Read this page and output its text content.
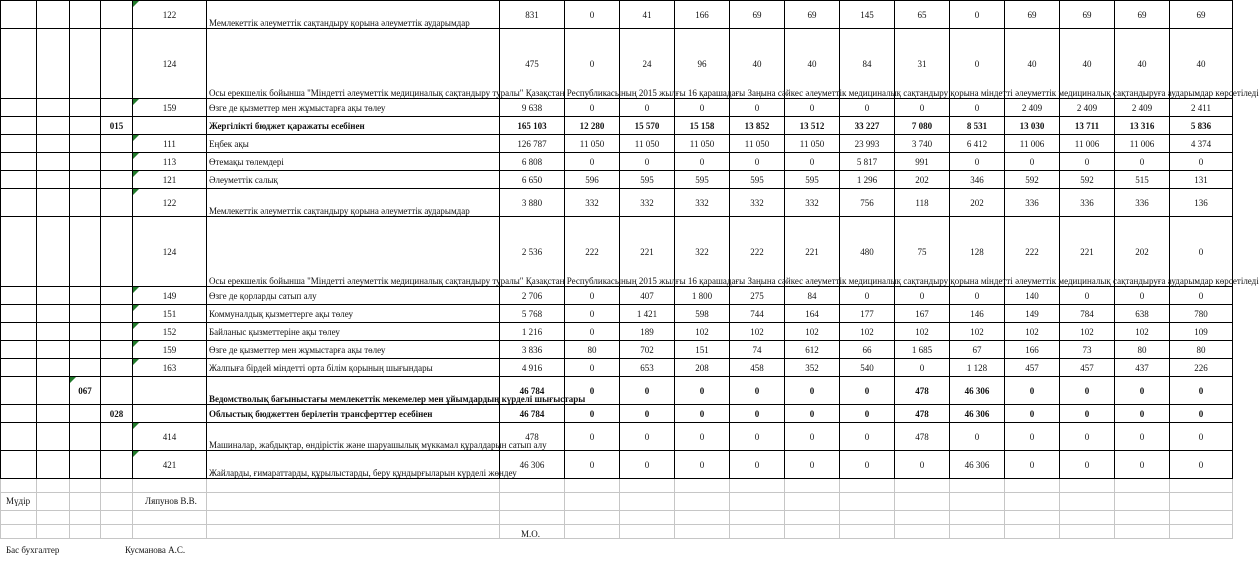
122	Мемлекеттік әлеуметтік сақтандыру қорына әлеуметтік аударымдар	831	0	41	166	69	69	145	65	0	69	69	69	69
				124	Осы ерекшелік бойынша "Міндетті әлеуметтік медициналық сақтандыру туралы" Қазақстан Республикасының 2015 жылғы 16 қарашадағы Заңына сәйкес әлеуметтік медициналық сақтандыру қорына міндетті әлеуметтік медициналық сақтандыруға аударымдар көрсетіледі	475	0	24	96	40	40	84	31	0	40	40	40	40

159	Өзге де қызметтер мен жұмыстарға ақы төлеу	9 638	0	0	0	0	0	0	0	0	2 409	2 409	2 409	2 411
			015		Жергілікті бюджет қаражаты есебінен	165 103	12 280	15 570	15 158	13 852	13 512	33 227	7 080	8 531	13 030	13 711	13 316	5 836

111	Еңбек ақы	126 787	11 050	11 050	11 050	11 050	11 050	23 993	3 740	6 412	11 006	11 006	11 006	4 374

113	Өтемақы төлемдері	6 808	0	0	0	0	0	5 817	991	0	0	0	0	0

121	Әлеуметтік салық	6 650	596	595	595	595	595	1 296	202	346	592	592	515	131

122	Мемлекеттік әлеуметтік сақтандыру қорына әлеуметтік аударымдар	3 880	332	332	332	332	332	756	118	202	336	336	336	136
				124	Осы ерекшелік бойынша "Міндетті әлеуметтік медициналық сақтандыру туралы" Қазақстан Республикасының 2015 жылғы 16 қарашадағы Заңына сәйкес әлеуметтік медициналық сақтандыру қорына міндетті әлеуметтік медициналық сақтандыруға аударымдар көрсетіледі	2 536	222	221	322	222	221	480	75	128	222	221	202	0

149	Өзге де қорларды сатып алу	2 706	0	407	1 800	275	84	0	0	0	140	0	0	0

151	Коммуналдық қызметтерге ақы төлеу	5 768	0	1 421	598	744	164	177	167	146	149	784	638	780

152	Байланыс қызметтеріне ақы төлеу	1 216	0	189	102	102	102	102	102	102	102	102	102	109

159	Өзге де қызметтер мен жұмыстарға ақы төлеу	3 836	80	702	151	74	612	66	1 685	67	166	73	80	80

163	Жалпыға бірдей міндетті орта білім қорының шығындары	4 916	0	653	208	458	352	540	0	1 128	457	457	437	226

067			Ведомстволық бағыныстағы мемлекеттік мекемелер мен ұйымдардың күрделі шығыстары	46 784	0	0	0	0	0	0	478	46 306	0	0	0	0
			028		Облыстық бюджеттен берілетін трансферттер есебінен	46 784	0	0	0	0	0	0	478	46 306	0	0	0	0

414	Машиналар, жабдықтар, өндірістік және шаруашылық мүккамал құралдарын сатып алу	478	0	0	0	0	0	0	478	0	0	0	0	0

421	Жайларды, ғимараттарды, құрылыстарды, беру құндырғыларын күрделі жөндеу	46 306	0	0	0	0	0	0	0	46 306	0	0	0	0

Мүдір	Ляпунов В.В.
М.О.
Бас бухгалтер	Кусманова А.С.
